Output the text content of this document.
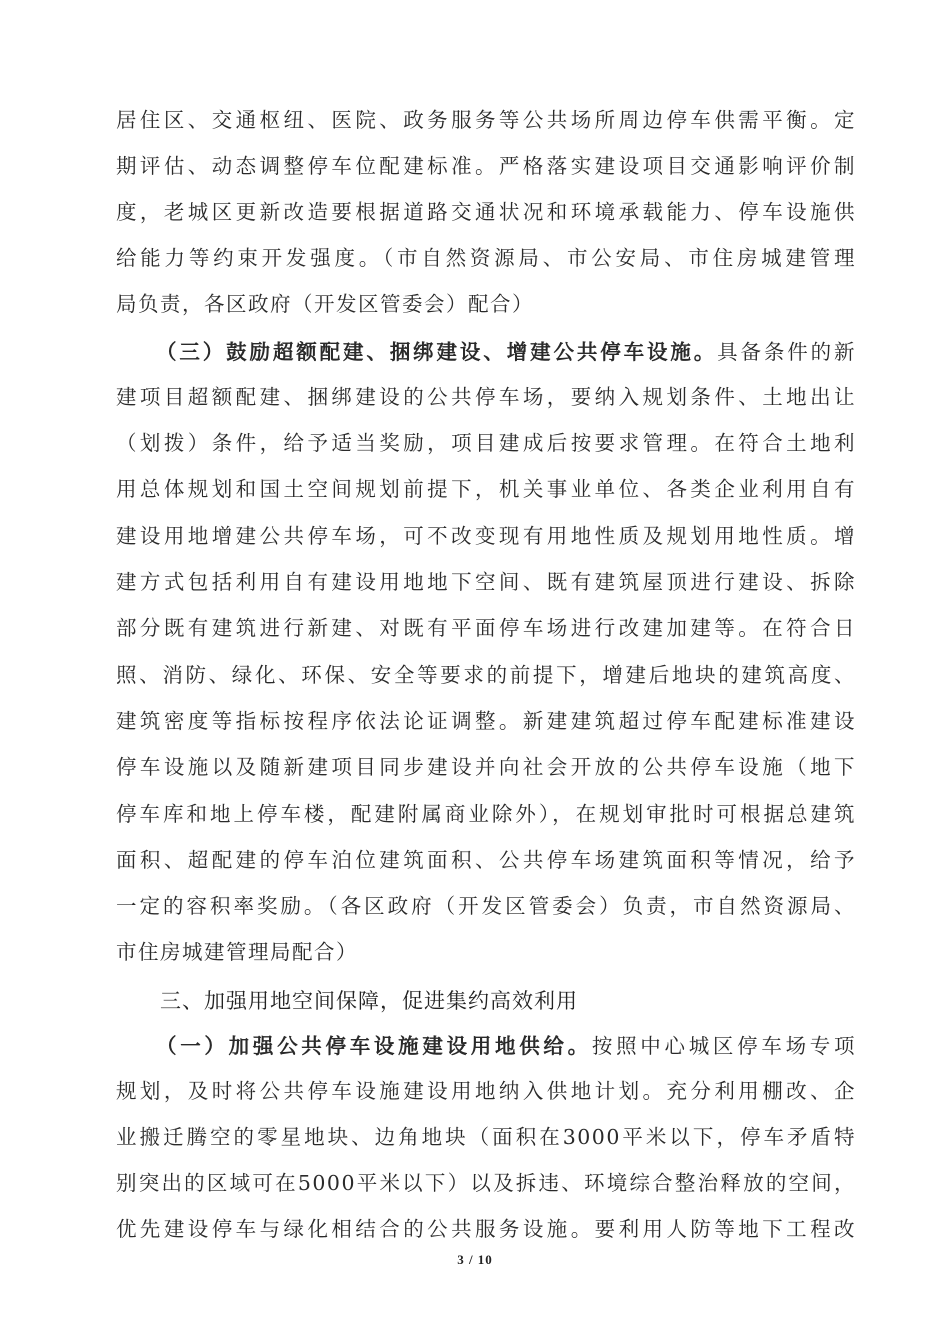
居住区、交通枢纽、医院、政务服务等公共场所周边停车供需平衡。定
期评估、动态调整停车位配建标准。严格落实建设项目交通影响评价制
度，老城区更新改造要根据道路交通状况和环境承载能力、停车设施供
给能力等约束开发强度。（市自然资源局、市公安局、市住房城建管理
局负责，各区政府（开发区管委会）配合）
（三）鼓励超额配建、捆绑建设、增建公共停车设施。具备条件的新
建项目超额配建、捆绑建设的公共停车场，要纳入规划条件、土地出让
（划拨）条件，给予适当奖励，项目建成后按要求管理。在符合土地利
用总体规划和国土空间规划前提下，机关事业单位、各类企业利用自有
建设用地增建公共停车场，可不改变现有用地性质及规划用地性质。增
建方式包括利用自有建设用地地下空间、既有建筑屋顶进行建设、拆除
部分既有建筑进行新建、对既有平面停车场进行改建加建等。在符合日
照、消防、绿化、环保、安全等要求的前提下，增建后地块的建筑高度、
建筑密度等指标按程序依法论证调整。新建建筑超过停车配建标准建设
停车设施以及随新建项目同步建设并向社会开放的公共停车设施（地下
停车库和地上停车楼，配建附属商业除外），在规划审批时可根据总建筑
面积、超配建的停车泊位建筑面积、公共停车场建筑面积等情况，给予
一定的容积率奖励。（各区政府（开发区管委会）负责，市自然资源局、
市住房城建管理局配合）
三、加强用地空间保障，促进集约高效利用
（一）加强公共停车设施建设用地供给。按照中心城区停车场专项
规划，及时将公共停车设施建设用地纳入供地计划。充分利用棚改、企
业搬迁腾空的零星地块、边角地块（面积在3000平米以下，停车矛盾特
别突出的区域可在5000平米以下）以及拆违、环境综合整治释放的空间，
优先建设停车与绿化相结合的公共服务设施。要利用人防等地下工程改
3 / 10
